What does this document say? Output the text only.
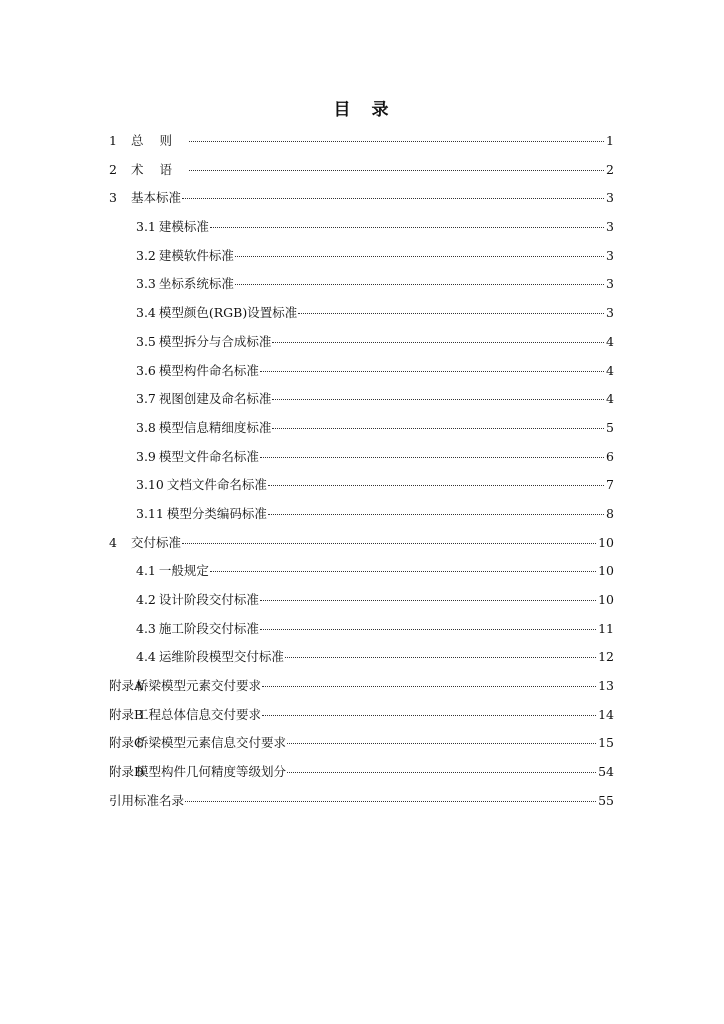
目　录
1 总则	1
2 术语	2
3 基本标准	3
3.1 建模标准	3
3.2 建模软件标准	3
3.3 坐标系统标准	3
3.4 模型颜色(RGB)设置标准	3
3.5 模型拆分与合成标准	4
3.6 模型构件命名标准	4
3.7 视图创建及命名标准	4
3.8 模型信息精细度标准	5
3.9 模型文件命名标准	6
3.10 文档文件命名标准	7
3.11 模型分类编码标准	8
4 交付标准	10
4.1 一般规定	10
4.2 设计阶段交付标准	10
4.3 施工阶段交付标准	11
4.4 运维阶段模型交付标准	12
附录A桥梁模型元素交付要求	13
附录B工程总体信息交付要求	14
附录C桥梁模型元素信息交付要求	15
附录D模型构件几何精度等级划分	54
引用标准名录	55
